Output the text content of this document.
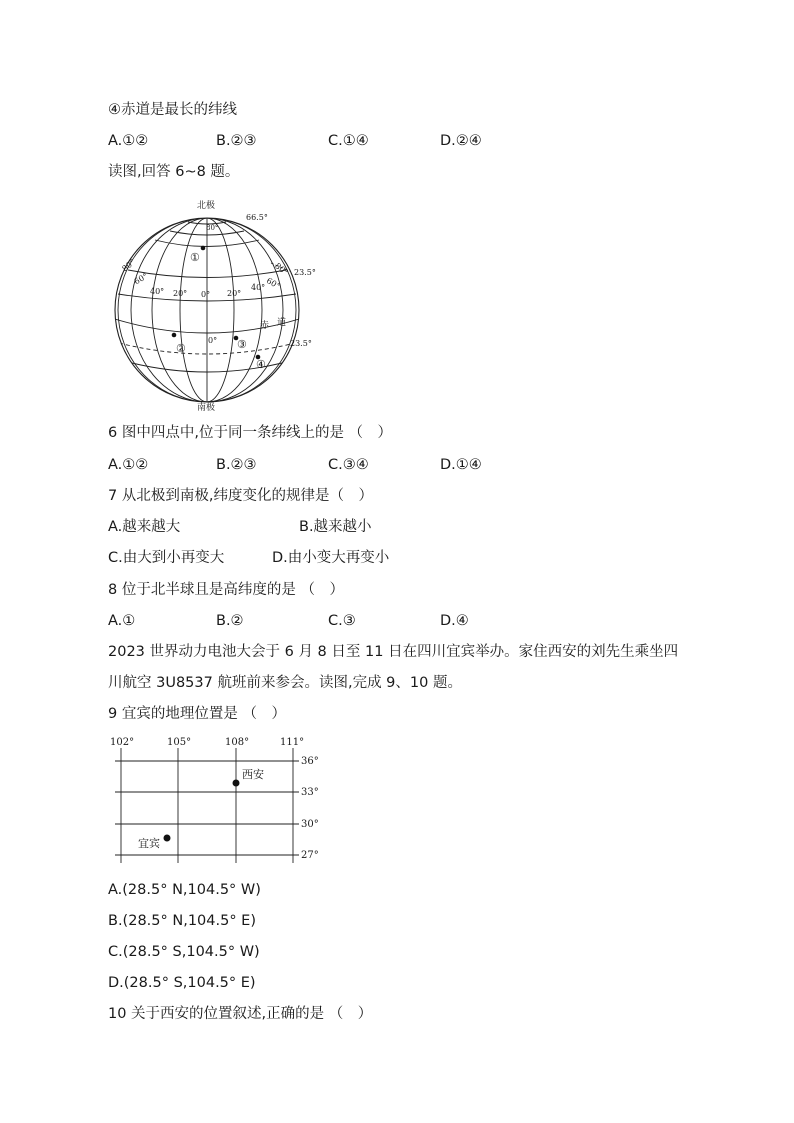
④赤道是最长的纬线
A.①②	B.②③	C.①④	D.②④
读图,回答 6~8 题。
北极
南极
66.5°
80°
23.5°
23.5°
80°
60°
80°
60°
40° 20° 0° 20°
40°
0°
赤 道
①
②	③
④
6 图中四点中,位于同一条纬线上的是 （　）
A.①②	B.②③	C.③④	D.①④
7 从北极到南极,纬度变化的规律是（　）
A.越来越大	B.越来越小
C.由大到小再变大	D.由小变大再变小
8 位于北半球且是高纬度的是 （　）
A.①	B.②	C.③	D.④
2023 世界动力电池大会于 6 月 8 日至 11 日在四川宜宾举办。家住西安的刘先生乘坐四
川航空 3U8537 航班前来参会。读图,完成 9、10 题。
9 宜宾的地理位置是 （　）
102°	105°	108°	111°
36°
33°
30°
27°
西安
宜宾
A.(28.5° N,104.5° W)
B.(28.5° N,104.5° E)
C.(28.5° S,104.5° W)
D.(28.5° S,104.5° E)
10 关于西安的位置叙述,正确的是 （　）
